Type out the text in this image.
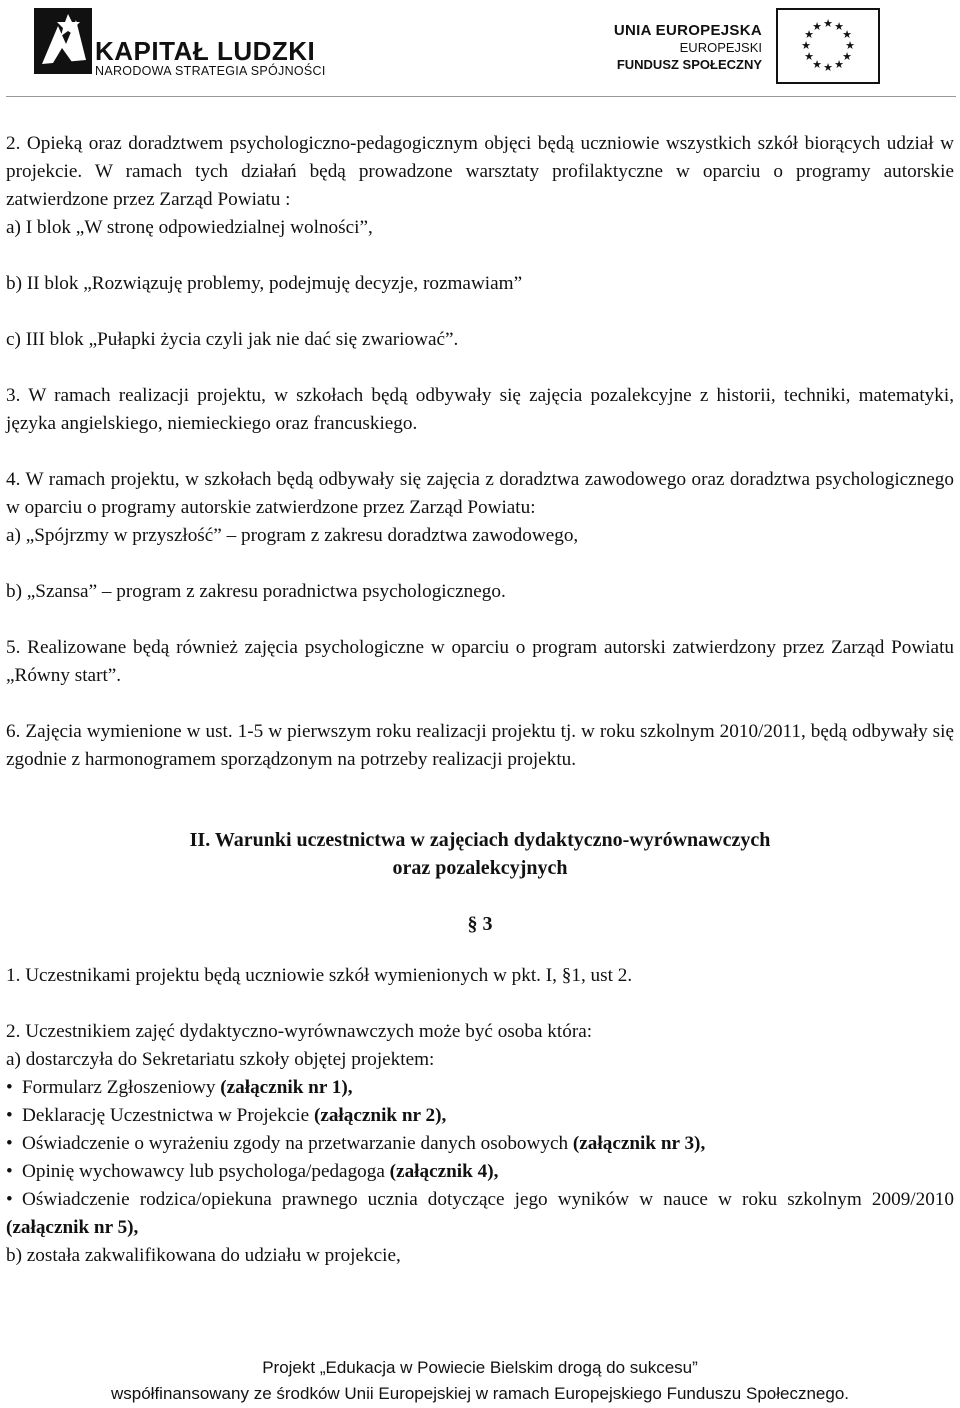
KAPITAŁ LUDZKI
NARODOWA STRATEGIA SPÓJNOŚCI
UNIA EUROPEJSKA
EUROPEJSKI
FUNDUSZ SPOŁECZNY
★ ★
★
★
★
★
★
★
★
★
★
★

2. Opieką oraz doradztwem psychologiczno-pedagogicznym objęci będą uczniowie wszystkich szkół biorących udział w projekcie. W ramach tych działań będą prowadzone warsztaty profilaktyczne w oparciu o programy autorskie zatwierdzone przez Zarząd Powiatu :

a) I blok „W stronę odpowiedzialnej wolności”,

b) II blok „Rozwiązuję problemy, podejmuję decyzje, rozmawiam”

c) III blok „Pułapki życia czyli jak nie dać się zwariować”.

3. W ramach realizacji projektu, w szkołach będą odbywały się zajęcia pozalekcyjne z historii, techniki, matematyki, języka angielskiego, niemieckiego oraz francuskiego.

4. W ramach projektu, w szkołach będą odbywały się zajęcia z doradztwa zawodowego oraz doradztwa psychologicznego w oparciu o programy autorskie zatwierdzone przez Zarząd Powiatu:

a) „Spójrzmy w przyszłość” – program z zakresu doradztwa zawodowego,

b) „Szansa” – program z zakresu poradnictwa psychologicznego.

5. Realizowane będą również zajęcia psychologiczne w oparciu o program autorski zatwierdzony przez Zarząd Powiatu „Równy start”.

6. Zajęcia wymienione w ust. 1-5 w pierwszym roku realizacji projektu tj. w roku szkolnym 2010/2011, będą odbywały się zgodnie z harmonogramem sporządzonym na potrzeby realizacji projektu.

II. Warunki uczestnictwa w zajęciach dydaktyczno-wyrównawczych

oraz pozalekcyjnych

§ 3

1. Uczestnikami projektu będą uczniowie szkół wymienionych w pkt. I, §1, ust 2.

2. Uczestnikiem zajęć dydaktyczno-wyrównawczych może być osoba która:

a) dostarczyła do Sekretariatu szkoły objętej projektem:

• Formularz Zgłoszeniowy (załącznik nr 1),

• Deklarację Uczestnictwa w Projekcie (załącznik nr 2),

• Oświadczenie o wyrażeniu zgody na przetwarzanie danych osobowych (załącznik nr 3),

• Opinię wychowawcy lub psychologa/pedagoga (załącznik 4),

• Oświadczenie rodzica/opiekuna prawnego ucznia dotyczące jego wyników w nauce w roku szkolnym 2009/2010 (załącznik nr 5),

b) została zakwalifikowana do udziału w projekcie,

Projekt „Edukacja w Powiecie Bielskim drogą do sukcesu”
współfinansowany ze środków Unii Europejskiej w ramach Europejskiego Funduszu Społecznego.
